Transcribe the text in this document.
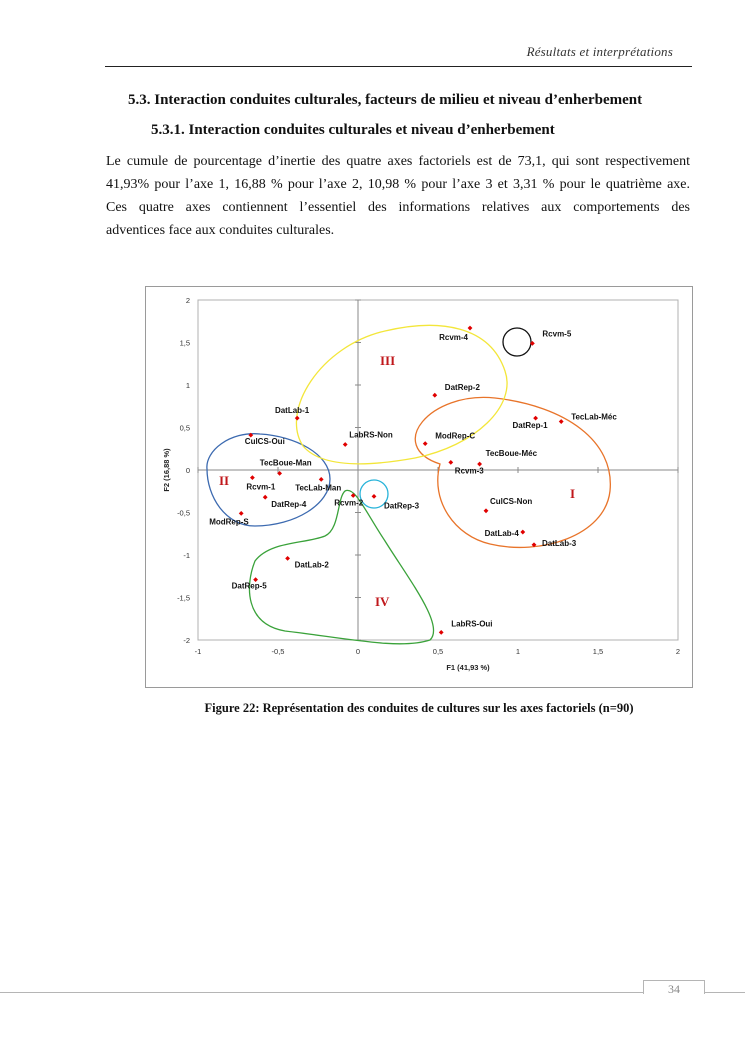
Résultats et interprétations
5.3. Interaction conduites culturales, facteurs de milieu et niveau d’enherbement
5.3.1. Interaction conduites culturales et niveau d’enherbement
Le cumule de pourcentage d’inertie des quatre axes factoriels est de 73,1, qui sont respectivement
41,93% pour l’axe 1, 16,88 % pour l’axe 2, 10,98 % pour l’axe 3 et 3,31 % pour le quatrième axe.
Ces quatre axes contiennent l’essentiel des informations relatives aux comportements des
adventices face aux conduites culturales.
-1	-0,5	0	0,5	1	1,5	2
2
1,5
1
0,5
0
-0,5
-1
-1,5
-2
F1 (41,93 %)
F2 (16,88 %)
I
II
III
IV
Rcvm-5
Rcvm-4
DatRep-2
TecLab-Méc
DatRep-1
DatLab-1
LabRS-Non	ModRep-C
CulCS-Oui
TecBoue-Méc
Rcvm-3
TecBoue-Man
Rcvm-1 TecLab-Man
DatRep-4	Rcvm-2	DatRep-3
CulCS-Non
ModRep-S
DatLab-4
DatLab-3
DatLab-2
DatRep-5
LabRS-Oui
Figure 22: Représentation des conduites de cultures sur les axes factoriels (n=90)
34
